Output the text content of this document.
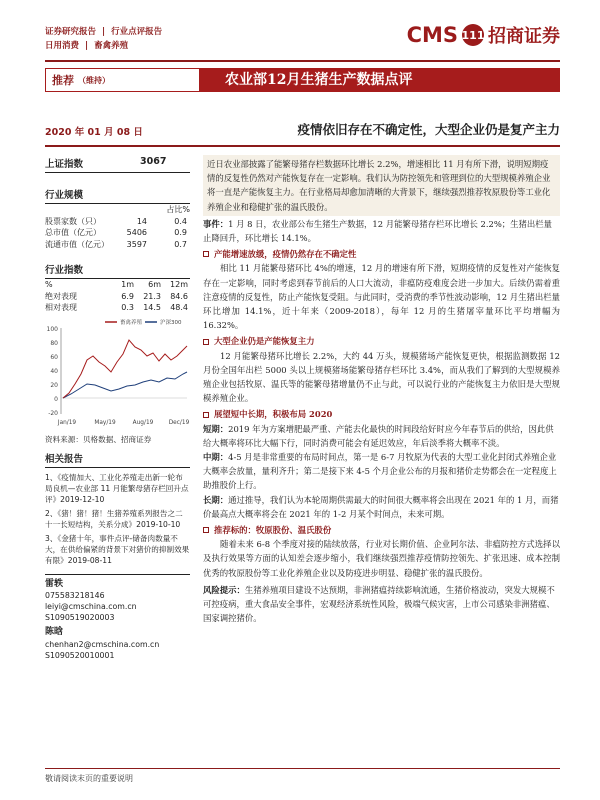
证券研究报告 | 行业点评报告
日用消费 | 畜禽养殖	CMS 111 招商证券
推荐 （维持）	农业部12月生猪生产数据点评
2020 年 01 月 08 日	疫情依旧存在不确定性，大型企业仍是复产主力
上证指数	3067
行业规模
占比%
股票家数（只）	14	0.4
总市值（亿元）	5406	0.9
流通市值（亿元）	3597	0.7
行业指数
%	1m	6m	12m
绝对表现	6.9	21.3	84.6
相对表现	0.3	14.5	48.4
畜禽养殖	沪深300
100
80
60
40
20
0
-20
Jan/19	May/19	Aug/19	Dec/19
资料来源：贝格数据、招商证券
相关报告
1、《疫情加大、工业化养殖走出新一轮布局良机—农业部 11 月能繁母猪存栏回升点评》2019-12-10
2、《猪！猪！猪！生猪养殖系列报告之二十一长短结构，关系分成》2019-10-10
3、《金猪十年，事件点评-储备肉数量不大，在供给偏紧的背景下对猪价的抑制效果有限》2019-08-11
雷轶
075583218146
leiyi@cmschina.com.cn
S1090519020003
陈晗
chenhan2@cmschina.com.cn
S1090520010001
近日农业部披露了能繁母猪存栏数据环比增长 2.2%，增速相比 11 月有所下滑，说明短期疫情的反复性仍然对产能恢复存在一定影响。我们认为防控领先和管理到位的大型规模养殖企业将一直是产能恢复主力。在行业格局却愈加清晰的大背景下，继续强烈推荐牧原股份等工业化养殖企业和稳健扩张的温氏股份。
事件：1 月 8 日，农业部公布生猪生产数据，12 月能繁母猪存栏环比增长 2.2%；生猪出栏量止降回升，环比增长 14.1%。
产能增速放缓，疫情仍然存在不确定性
相比 11 月能繁母猪环比 4%的增速，12 月的增速有所下滑，短期疫情的反复性对产能恢复存在一定影响，同时考虑到春节前后的人口大流动，非瘟防疫难度会进一步加大。后续仍需着重注意疫情的反复性，防止产能恢复受阻。与此同时，受消费的季节性波动影响，12 月生猪出栏量环比增加 14.1%，近十年来（2009-2018），每年 12 月的生猪屠宰量环比平均增幅为 16.32%。
大型企业仍是产能恢复主力
12 月能繁母猪环比增长 2.2%，大约 44 万头，规模猪场产能恢复更快，根据监测数据 12 月份全国年出栏 5000 头以上规模猪场能繁母猪存栏环比 3.4%，而从我们了解到的大型规模养殖企业包括牧原、温氏等的能繁母猪增量仍不止与此，可以说行业的产能恢复主力依旧是大型规模养殖企业。
展望短中长期，积极布局 2020
短期：2019 年为方案增肥最严重、产能去化最快的时间段给好时应今年春节后的供给，因此供给大概率将环比大幅下行，同时消费可能会有延迟效应，年后淡季将大概率不淡。
中期：4-5 月是非常重要的布局时间点，第一是 6-7 月牧原为代表的大型工业化封闭式养殖企业大概率会放量，量利齐升；第二是接下来 4-5 个月企业公布的月报和猪价走势都会在一定程度上助推股价上行。
长期：通过推导，我们认为本轮周期供需最大的时间很大概率将会出现在 2021 年的 1 月，而猪价最高点大概率将会在 2021 年的 1-2 月某个时间点，未来可期。
推荐标的：牧原股份、温氏股份
随着未来 6-8 个季度对接的陆续放落，行业对长期价值、企业阿尔法、非瘟防控方式选择以及执行效果等方面的认知差会逐步缩小，我们继续强烈推荐疫情防控领先、扩张迅速、成本控制优秀的牧原股份等工业化养殖企业以及防疫进步明显、稳健扩张的温氏股份。
风险提示：生猪养殖项目建设不达预期，非洲猪瘟持续影响流通，生猪价格波动，突发大规模不可控疫病，重大食品安全事件，宏观经济系统性风险，极端气候灾害，上市公司感染非洲猪瘟、国家调控猪价。
敬请阅读末页的重要说明
